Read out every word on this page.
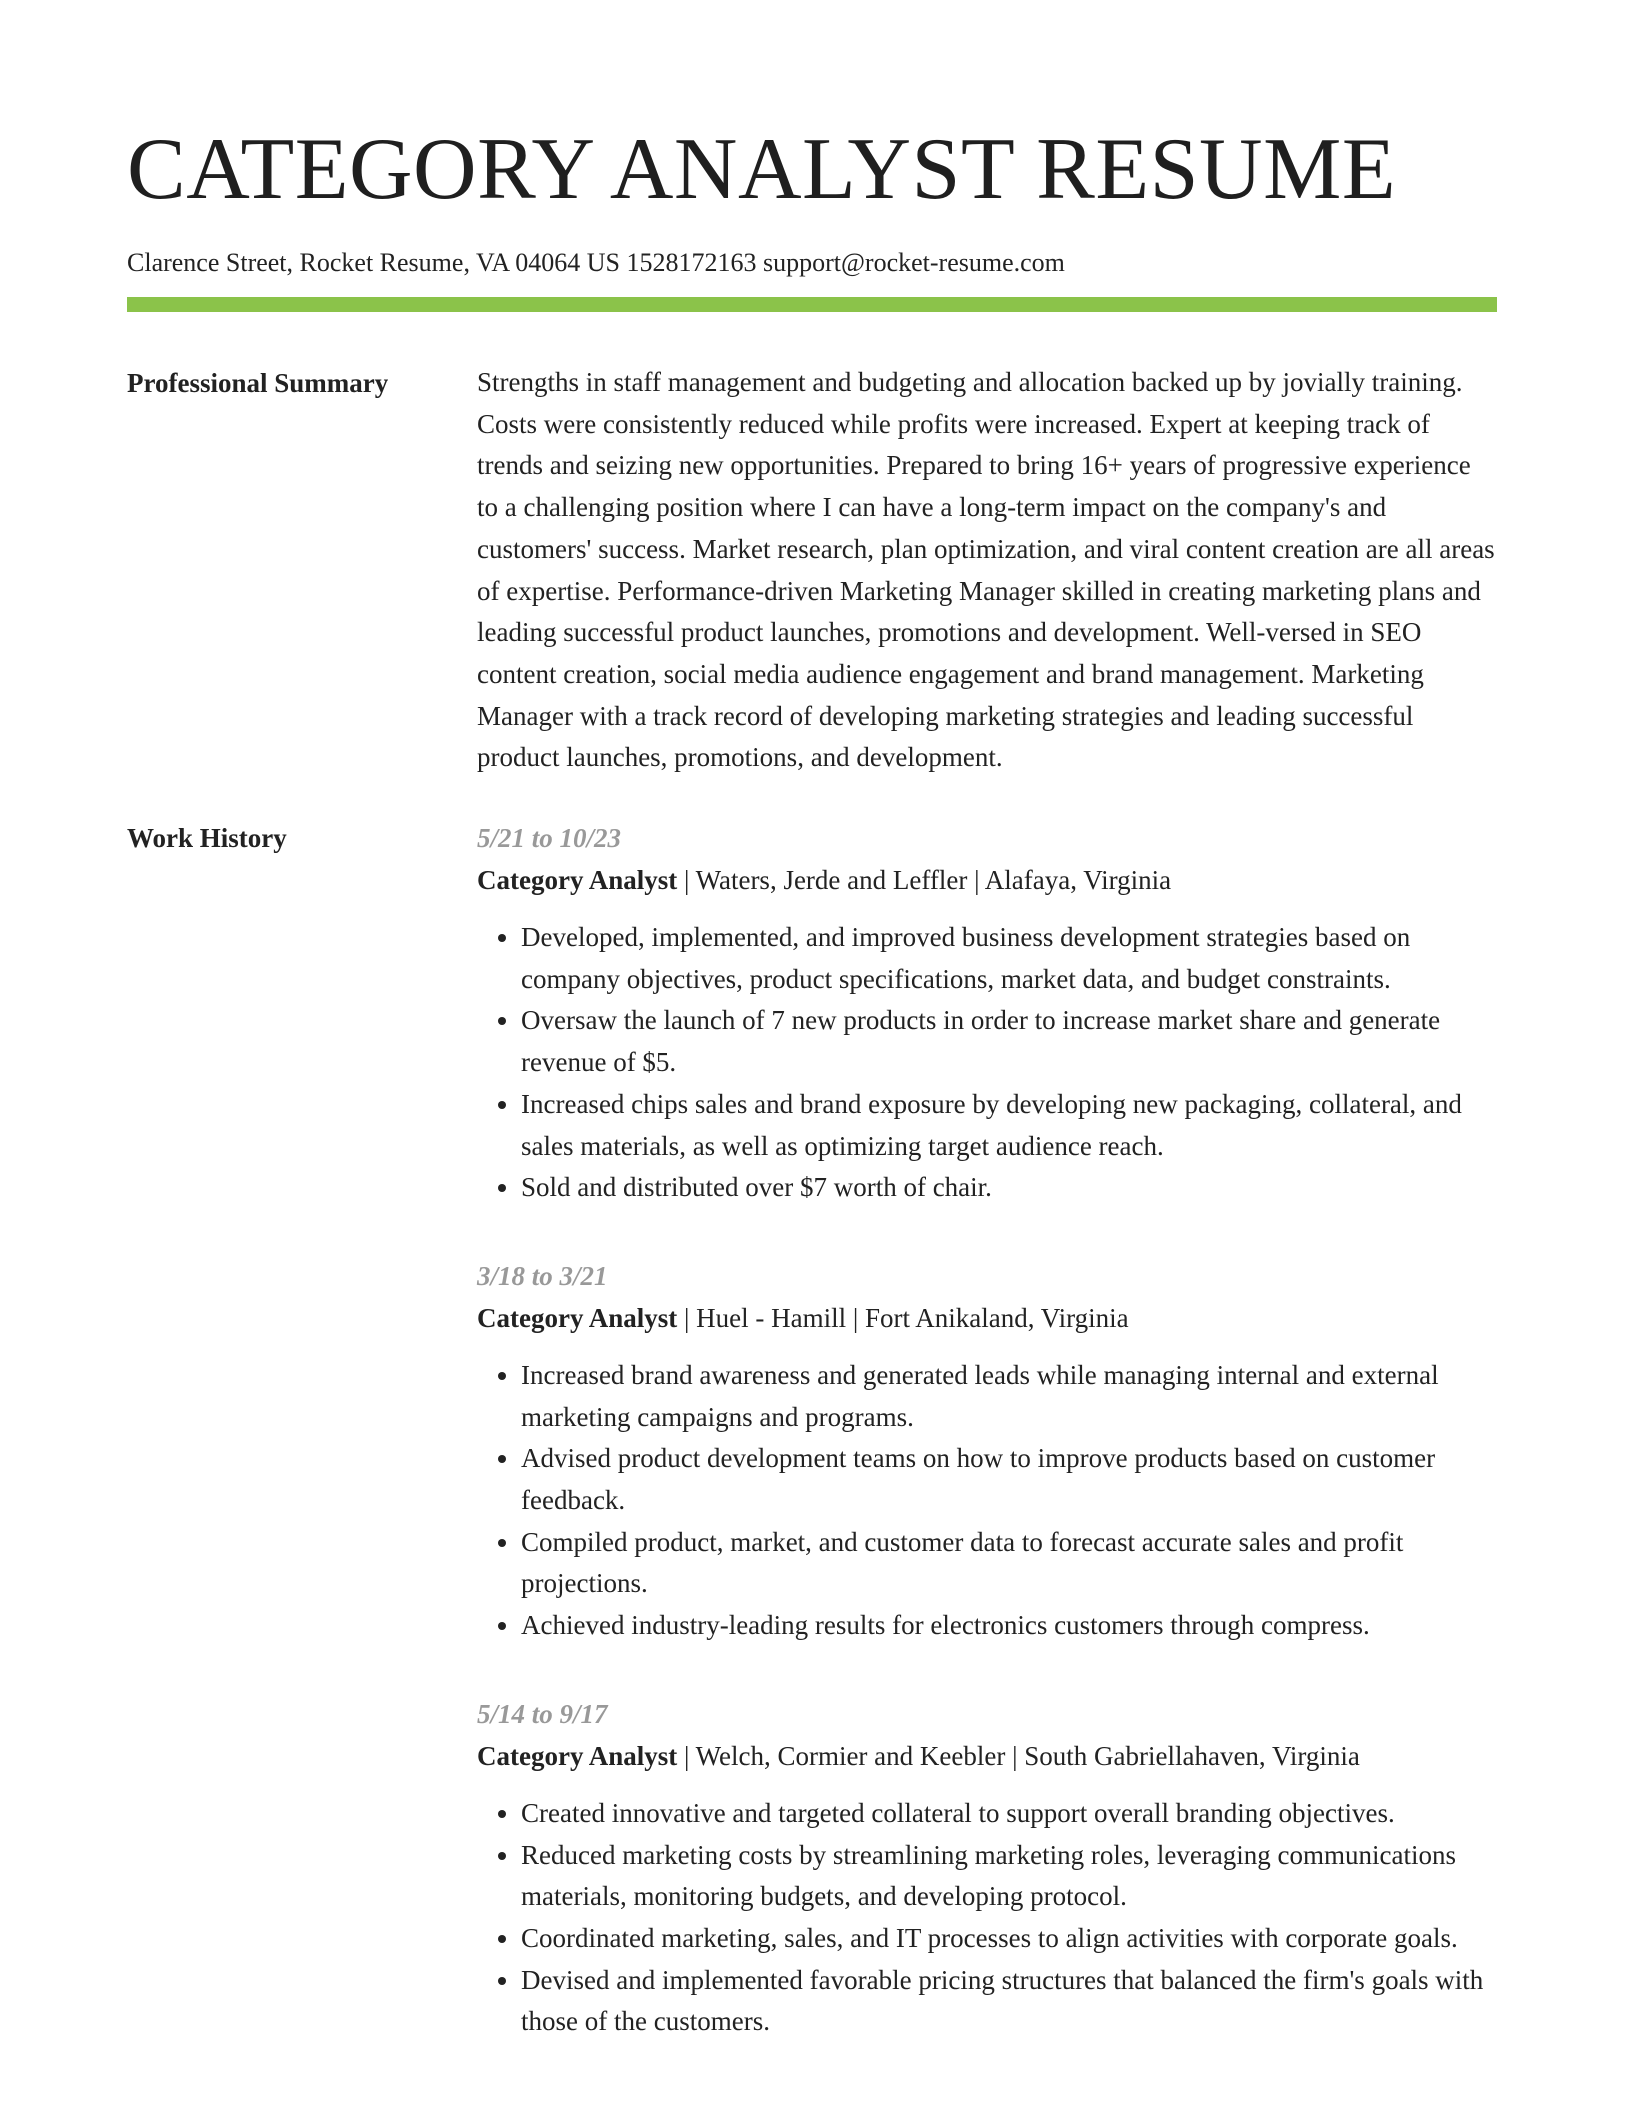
CATEGORY ANALYST RESUME
Clarence Street, Rocket Resume, VA 04064 US 1528172163 support@rocket-resume.com
Professional Summary	Strengths in staff management and budgeting and allocation backed up by jovially training. Costs were consistently reduced while profits were increased. Expert at keeping track of trends and seizing new opportunities. Prepared to bring 16+ years of progressive experience to a challenging position where I can have a long-term impact on the company's and customers' success. Market research, plan optimization, and viral content creation are all areas of expertise. Performance-driven Marketing Manager skilled in creating marketing plans and leading successful product launches, promotions and development. Well-versed in SEO content creation, social media audience engagement and brand management. Marketing Manager with a track record of developing marketing strategies and leading successful product launches, promotions, and development.

Work History	5/21 to 10/23
Category Analyst | Waters, Jerde and Leffler | Alafaya, Virginia
• Developed, implemented, and improved business development strategies based on company objectives, product specifications, market data, and budget constraints.
• Oversaw the launch of 7 new products in order to increase market share and generate revenue of $5.
• Increased chips sales and brand exposure by developing new packaging, collateral, and sales materials, as well as optimizing target audience reach.
• Sold and distributed over $7 worth of chair.
3/18 to 3/21
Category Analyst | Huel - Hamill | Fort Anikaland, Virginia
• Increased brand awareness and generated leads while managing internal and external marketing campaigns and programs.
• Advised product development teams on how to improve products based on customer feedback.
• Compiled product, market, and customer data to forecast accurate sales and profit projections.
• Achieved industry-leading results for electronics customers through compress.
5/14 to 9/17
Category Analyst | Welch, Cormier and Keebler | South Gabriellahaven, Virginia
• Created innovative and targeted collateral to support overall branding objectives.
• Reduced marketing costs by streamlining marketing roles, leveraging communications materials, monitoring budgets, and developing protocol.
• Coordinated marketing, sales, and IT processes to align activities with corporate goals.
• Devised and implemented favorable pricing structures that balanced the firm's goals with those of the customers.
